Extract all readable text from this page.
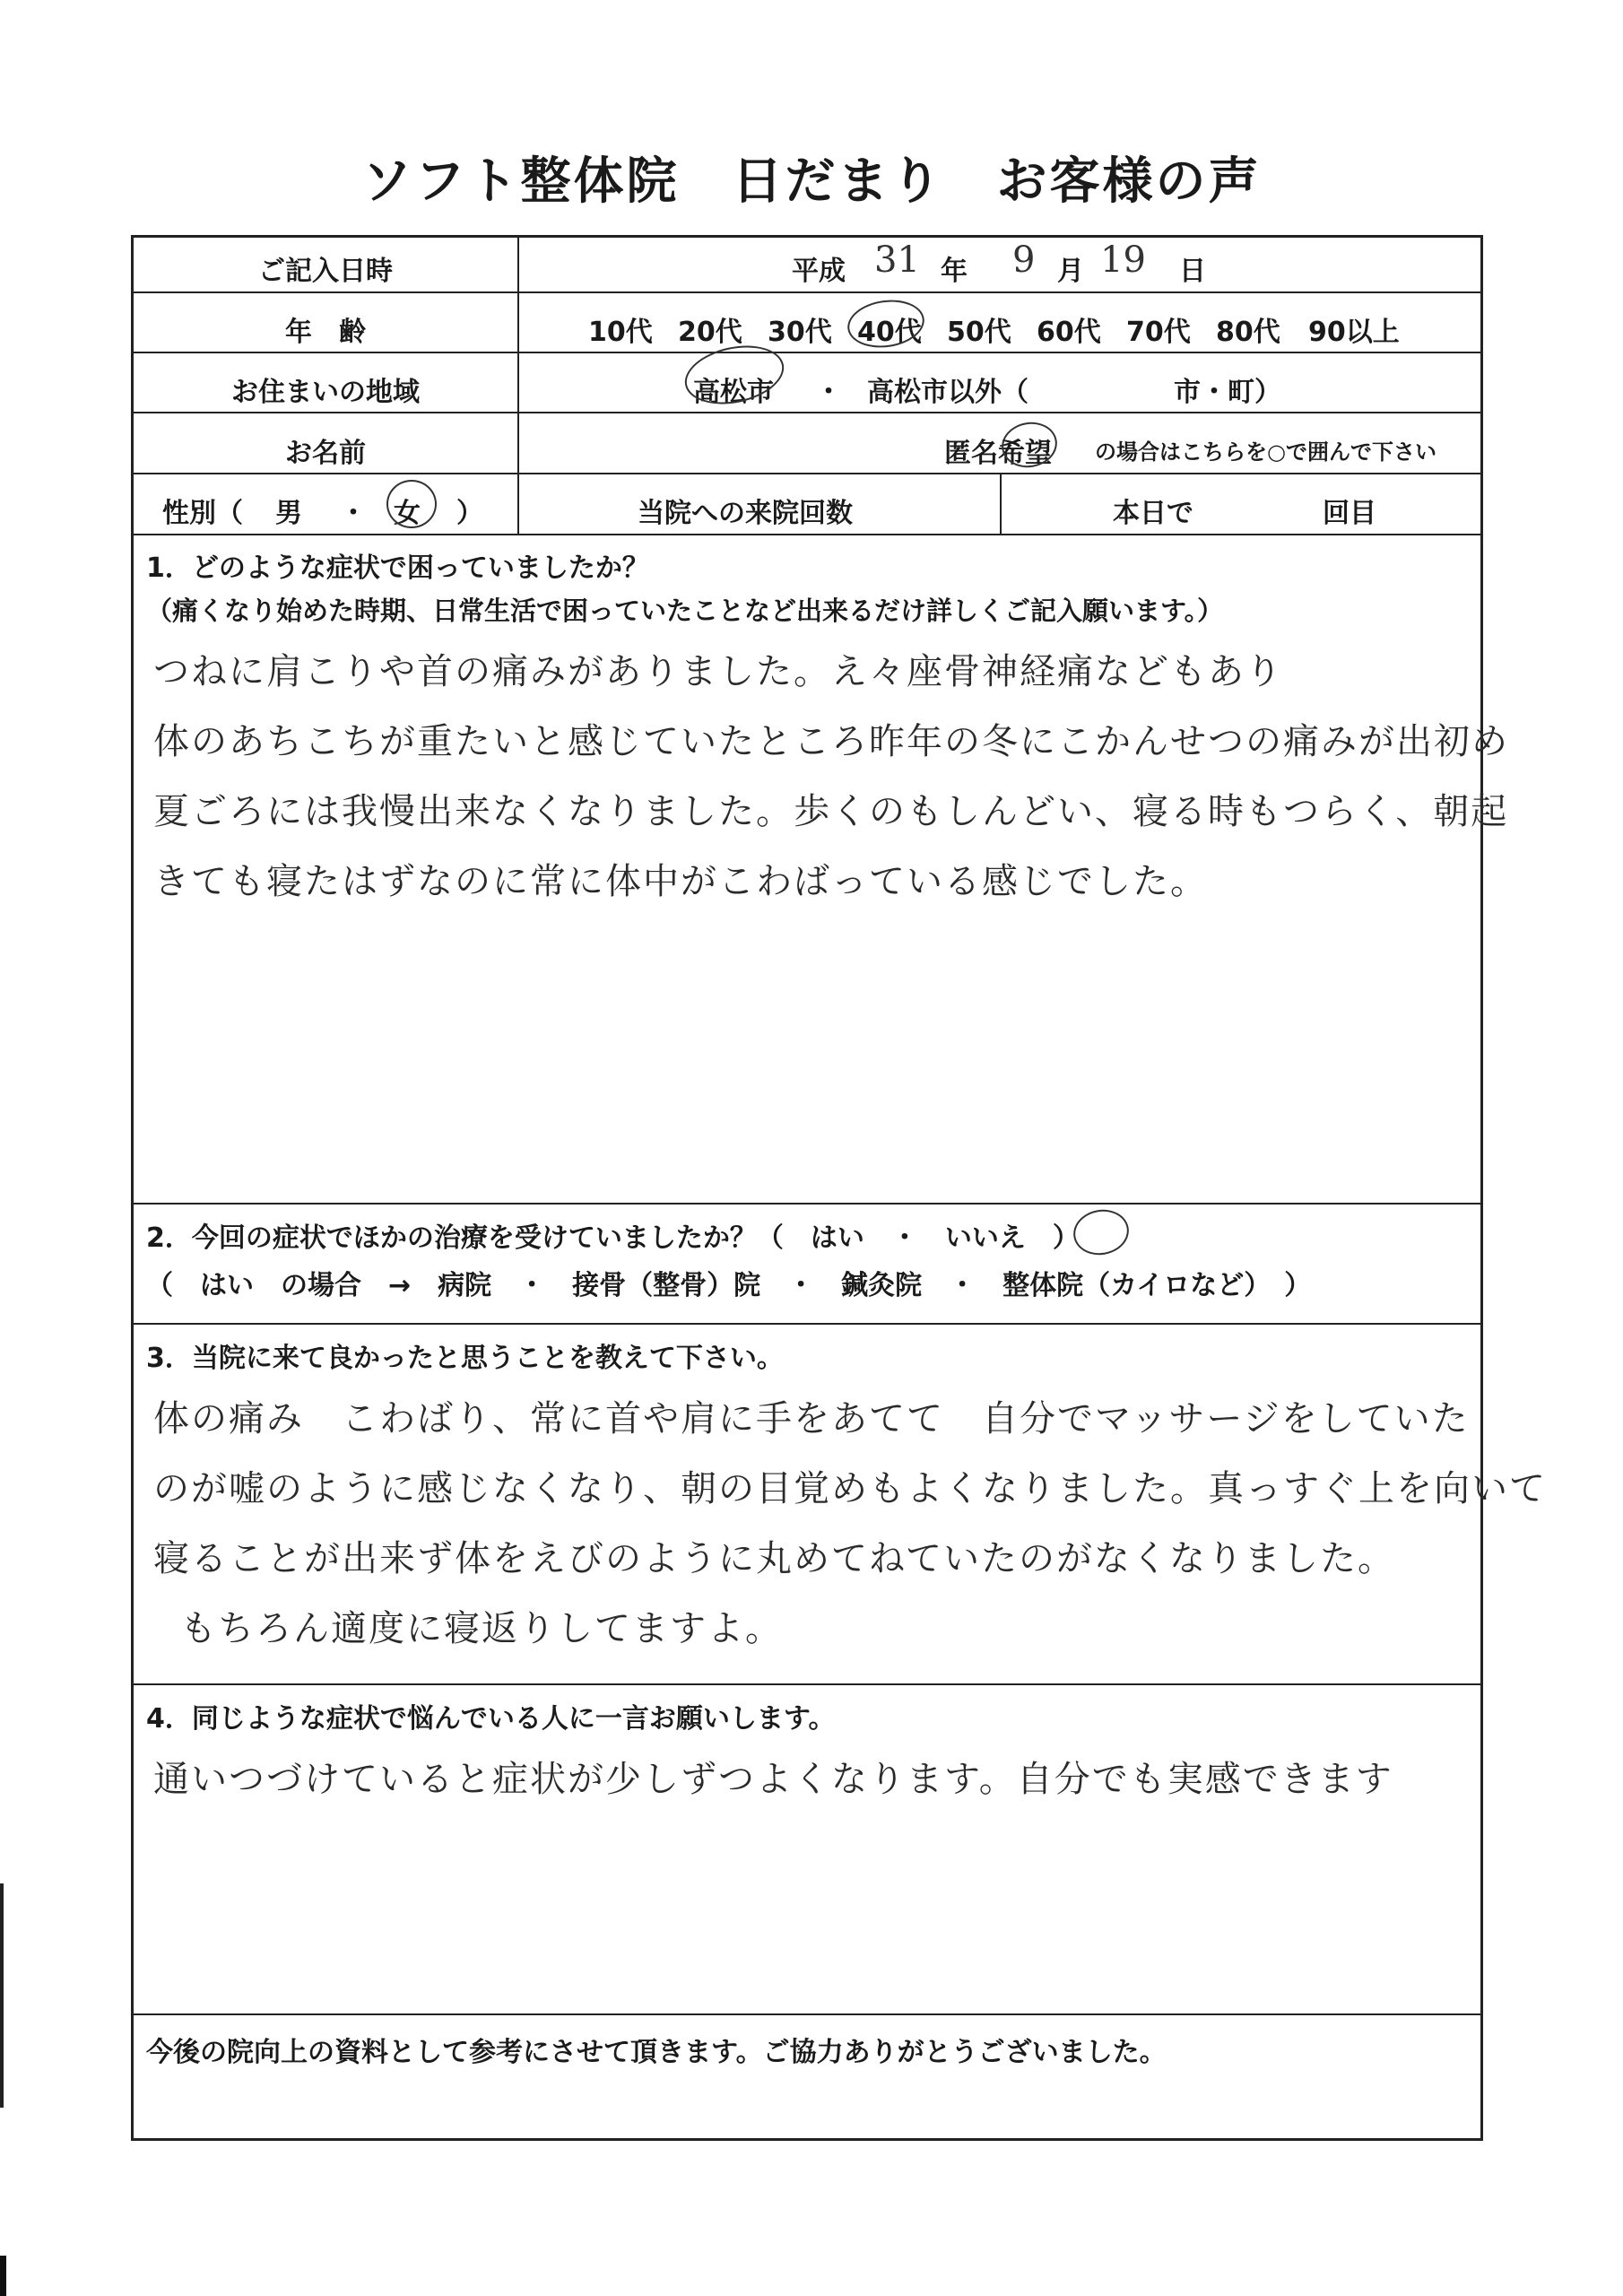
ソフト整体院　日だまり　お客様の声
ご記入日時	平成 31 年 9 月 19 日
年　齢	10代 20代 30代 40代 50代 60代 70代 80代 90以上
お住まいの地域	高松市 ・ 高松市以外（	市・町）
お名前	匿名希望 の場合はこちらを○で囲んで下さい
性別（ 男 ・ 女 ）	当院への来院回数	本日で	回目
1．どのような症状で困っていましたか？
（痛くなり始めた時期、日常生活で困っていたことなど出来るだけ詳しくご記入願います。）
つねに肩こりや首の痛みがありました。え々座骨神経痛などもあり
体のあちこちが重たいと感じていたところ昨年の冬にこかんせつの痛みが出初め
夏ごろには我慢出来なくなりました。歩くのもしんどい、寝る時もつらく、朝起
きても寝たはずなのに常に体中がこわばっている感じでした。
2．今回の症状でほかの治療を受けていましたか？（　はい　・　いいえ　）
（　はい　の場合　→　病院　・　接骨（整骨）院　・　鍼灸院　・　整体院（カイロなど）　）
3．当院に来て良かったと思うことを教えて下さい。
体の痛み　こわばり、常に首や肩に手をあてて　自分でマッサージをしていた
のが嘘のように感じなくなり、朝の目覚めもよくなりました。真っすぐ上を向いて
寝ることが出来ず体をえびのように丸めてねていたのがなくなりました。
もちろん適度に寝返りしてますよ。
4．同じような症状で悩んでいる人に一言お願いします。
通いつづけていると症状が少しずつよくなります。自分でも実感できます
今後の院向上の資料として参考にさせて頂きます。ご協力ありがとうございました。
